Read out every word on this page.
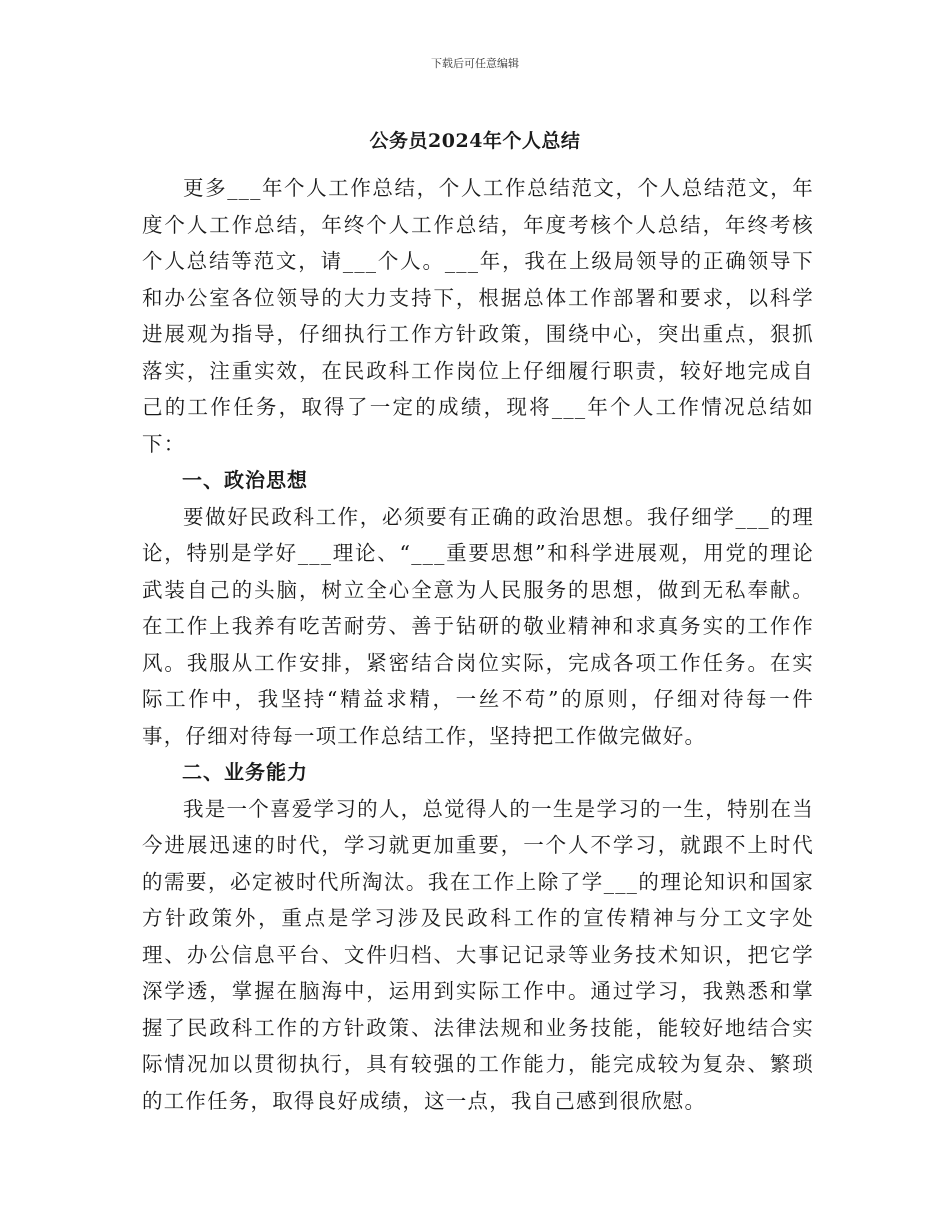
下载后可任意编辑
公务员2024年个人总结

更多___年个人工作总结，个人工作总结范文，个人总结范文，年度个人工作总结，年终个人工作总结，年度考核个人总结，年终考核个人总结等范文，请___个人。___年，我在上级局领导的正确领导下和办公室各位领导的大力支持下，根据总体工作部署和要求，以科学进展观为指导，仔细执行工作方针政策，围绕中心，突出重点，狠抓落实，注重实效，在民政科工作岗位上仔细履行职责，较好地完成自己的工作任务，取得了一定的成绩，现将___年个人工作情况总结如下：

一、政治思想

要做好民政科工作，必须要有正确的政治思想。我仔细学___的理论，特别是学好___理论、“___重要思想”和科学进展观，用党的理论武装自己的头脑，树立全心全意为人民服务的思想，做到无私奉献。在工作上我养有吃苦耐劳、善于钻研的敬业精神和求真务实的工作作风。我服从工作安排，紧密结合岗位实际，完成各项工作任务。在实际工作中，我坚持“精益求精，一丝不苟”的原则，仔细对待每一件事，仔细对待每一项工作总结工作，坚持把工作做完做好。

二、业务能力

我是一个喜爱学习的人，总觉得人的一生是学习的一生，特别在当今进展迅速的时代，学习就更加重要，一个人不学习，就跟不上时代的需要，必定被时代所淘汰。我在工作上除了学___的理论知识和国家方针政策外，重点是学习涉及民政科工作的宣传精神与分工文字处理、办公信息平台、文件归档、大事记记录等业务技术知识，把它学深学透，掌握在脑海中，运用到实际工作中。通过学习，我熟悉和掌握了民政科工作的方针政策、法律法规和业务技能，能较好地结合实际情况加以贯彻执行，具有较强的工作能力，能完成较为复杂、繁琐的工作任务，取得良好成绩，这一点，我自己感到很欣慰。
